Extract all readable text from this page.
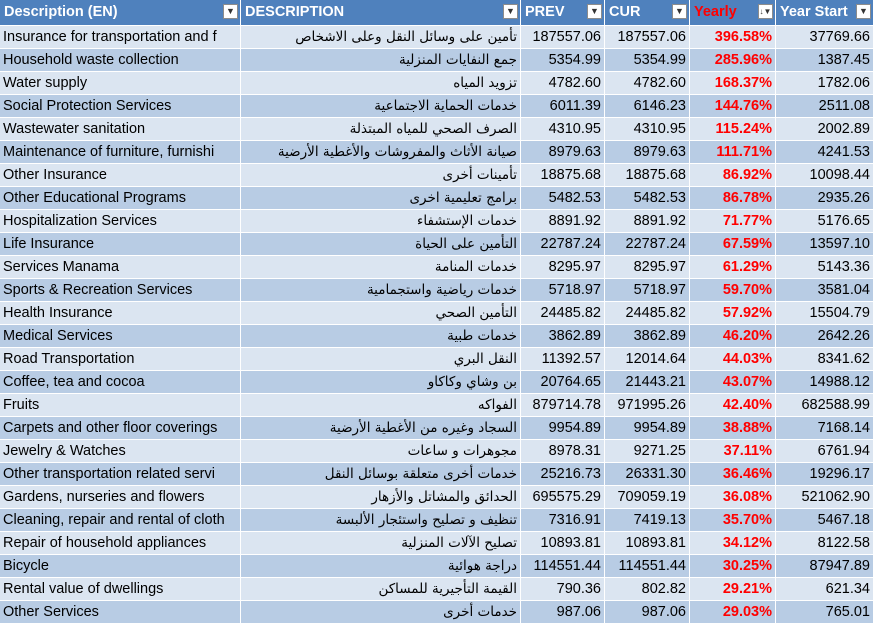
Description (EN)	▼ DESCRIPTION	▼ PREV	▼ CUR	▼ Yearly	↓▼ Year Start	▼
Insurance for transportation and f	تأمين على وسائل النقل وعلى الاشخاص	187557.06	187557.06	396.58%	37769.66
Household waste collection	جمع النفايات المنزلية	5354.99	5354.99	285.96%	1387.45
Water supply	تزويد المياه	4782.60	4782.60	168.37%	1782.06
Social Protection Services	خدمات الحماية الاجتماعية	6011.39	6146.23	144.76%	2511.08
Wastewater sanitation	الصرف الصحي للمياه المبتذلة	4310.95	4310.95	115.24%	2002.89
Maintenance of furniture, furnishi	صيانة الأثاث والمفروشات والأغطية الأرضية	8979.63	8979.63	111.71%	4241.53
Other Insurance	تأمينات أخرى	18875.68	18875.68	86.92%	10098.44
Other Educational Programs	برامج تعليمية اخرى	5482.53	5482.53	86.78%	2935.26
Hospitalization Services	خدمات الإستشفاء	8891.92	8891.92	71.77%	5176.65
Life Insurance	التأمين على الحياة	22787.24	22787.24	67.59%	13597.10
Services Manama	خدمات المنامة	8295.97	8295.97	61.29%	5143.36
Sports & Recreation Services	خدمات رياضية واستجمامية	5718.97	5718.97	59.70%	3581.04
Health Insurance	التأمين الصحي	24485.82	24485.82	57.92%	15504.79
Medical Services	خدمات طبية	3862.89	3862.89	46.20%	2642.26
Road Transportation	النقل البري	11392.57	12014.64	44.03%	8341.62
Coffee, tea and cocoa	بن وشاي وكاكاو	20764.65	21443.21	43.07%	14988.12
Fruits	الفواكه	879714.78	971995.26	42.40%	682588.99
Carpets and other floor coverings	السجاد وغيره من الأغطية الأرضية	9954.89	9954.89	38.88%	7168.14
Jewelry & Watches	مجوهرات و ساعات	8978.31	9271.25	37.11%	6761.94
Other transportation related servi	خدمات أخرى متعلقة بوسائل النقل	25216.73	26331.30	36.46%	19296.17
Gardens, nurseries and flowers	الحدائق والمشاتل والأزهار	695575.29	709059.19	36.08%	521062.90
Cleaning, repair and rental of cloth	تنظيف و تصليح واستئجار الألبسة	7316.91	7419.13	35.70%	5467.18
Repair of household appliances	تصليح الآلات المنزلية	10893.81	10893.81	34.12%	8122.58
Bicycle	دراجة هوائية	114551.44	114551.44	30.25%	87947.89
Rental value of dwellings	القيمة التأجيرية للمساكن	790.36	802.82	29.21%	621.34
Other Services	خدمات أخرى	987.06	987.06	29.03%	765.01
